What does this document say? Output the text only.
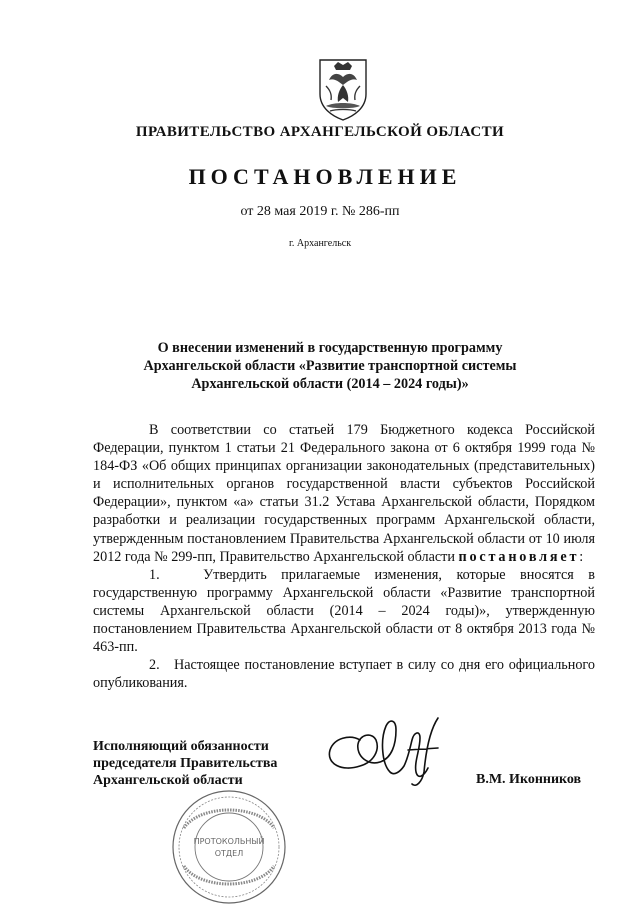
ПРАВИТЕЛЬСТВО АРХАНГЕЛЬСКОЙ ОБЛАСТИ
ПОСТАНОВЛЕНИЕ
от 28 мая 2019 г. № 286-пп
г. Архангельск
О внесении изменений в государственную программу
Архангельской области «Развитие транспортной системы
Архангельской области (2014 – 2024 годы)»

В соответствии со статьей 179 Бюджетного кодекса Российской Федерации, пунктом 1 статьи 21 Федерального закона от 6 октября 1999 года № 184-ФЗ «Об общих принципах организации законодательных (представительных) и исполнительных органов государственной власти субъектов Российской Федерации», пунктом «а» статьи 31.2 Устава Архангельской области, Порядком разработки и реализации государственных программ Архангельской области, утвержденным постановлением Правительства Архангельской области от 10 июля 2012 года № 299-пп, Правительство Архангельской области постановляет:

1.	Утвердить прилагаемые изменения, которые вносятся в государственную программу Архангельской области «Развитие транспортной системы Архангельской области (2014 – 2024 годы)», утвержденную постановлением Правительства Архангельской области от 8 октября 2013 года № 463-пп.

2. Настоящее постановление вступает в силу со дня его официального опубликования.

Исполняющий обязанности
председателя Правительства
Архангельской области	В.М. Иконников
ПРОТОКОЛЬНЫЙ
ОТДЕЛ
